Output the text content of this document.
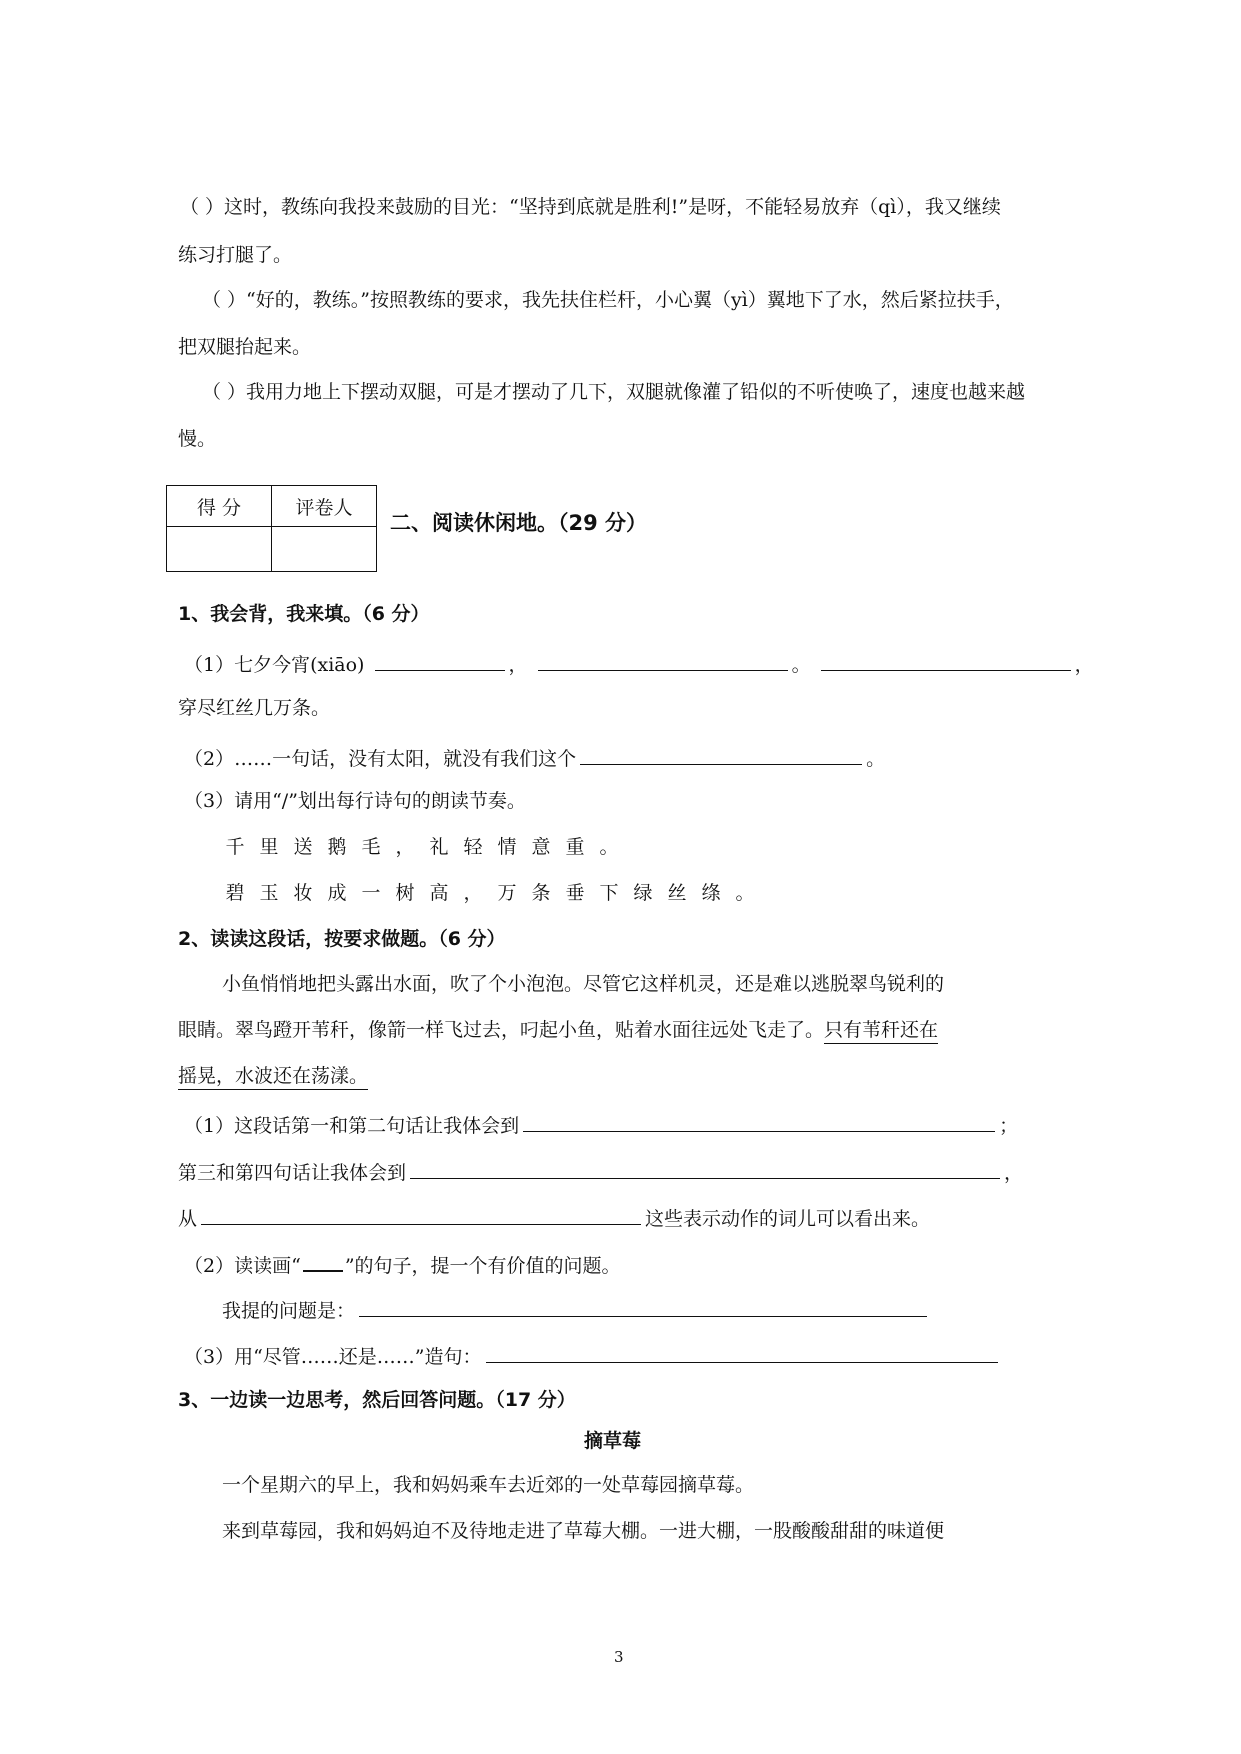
（ ）这时，教练向我投来鼓励的目光：“坚持到底就是胜利!”是呀，不能轻易放弃（qì），我又继续
练习打腿了。
（ ）“好的，教练。”按照教练的要求，我先扶住栏杆，小心翼（yì）翼地下了水，然后紧拉扶手，
把双腿抬起来。
（ ）我用力地上下摆动双腿，可是才摆动了几下，双腿就像灌了铅似的不听使唤了，速度也越来越
慢。
得 分	评卷人

二、阅读休闲地。（29 分）
1、我会背，我来填。（6 分）
（1）七夕今宵(xiāo)	，	。	，
穿尽红丝几万条。
（2）……一句话，没有太阳，就没有我们这个	。
（3）请用“/”划出每行诗句的朗读节奏。
千 里 送 鹅 毛 ， 礼 轻 情 意 重 。
碧 玉 妆 成 一 树 高 ， 万 条 垂 下 绿 丝 绦 。
2、读读这段话，按要求做题。（6 分）
小鱼悄悄地把头露出水面，吹了个小泡泡。尽管它这样机灵，还是难以逃脱翠鸟锐利的
眼睛。翠鸟蹬开苇秆，像箭一样飞过去，叼起小鱼，贴着水面往远处飞走了。只有苇秆还在
摇晃，水波还在荡漾。
（1）这段话第一和第二句话让我体会到	；
第三和第四句话让我体会到	，
从	这些表示动作的词儿可以看出来。
（2）读读画“ ”的句子，提一个有价值的问题。
我提的问题是：
（3）用“尽管……还是……”造句：
3、一边读一边思考，然后回答问题。（17 分）
摘草莓
一个星期六的早上，我和妈妈乘车去近郊的一处草莓园摘草莓。
来到草莓园，我和妈妈迫不及待地走进了草莓大棚。一进大棚，一股酸酸甜甜的味道便
3
